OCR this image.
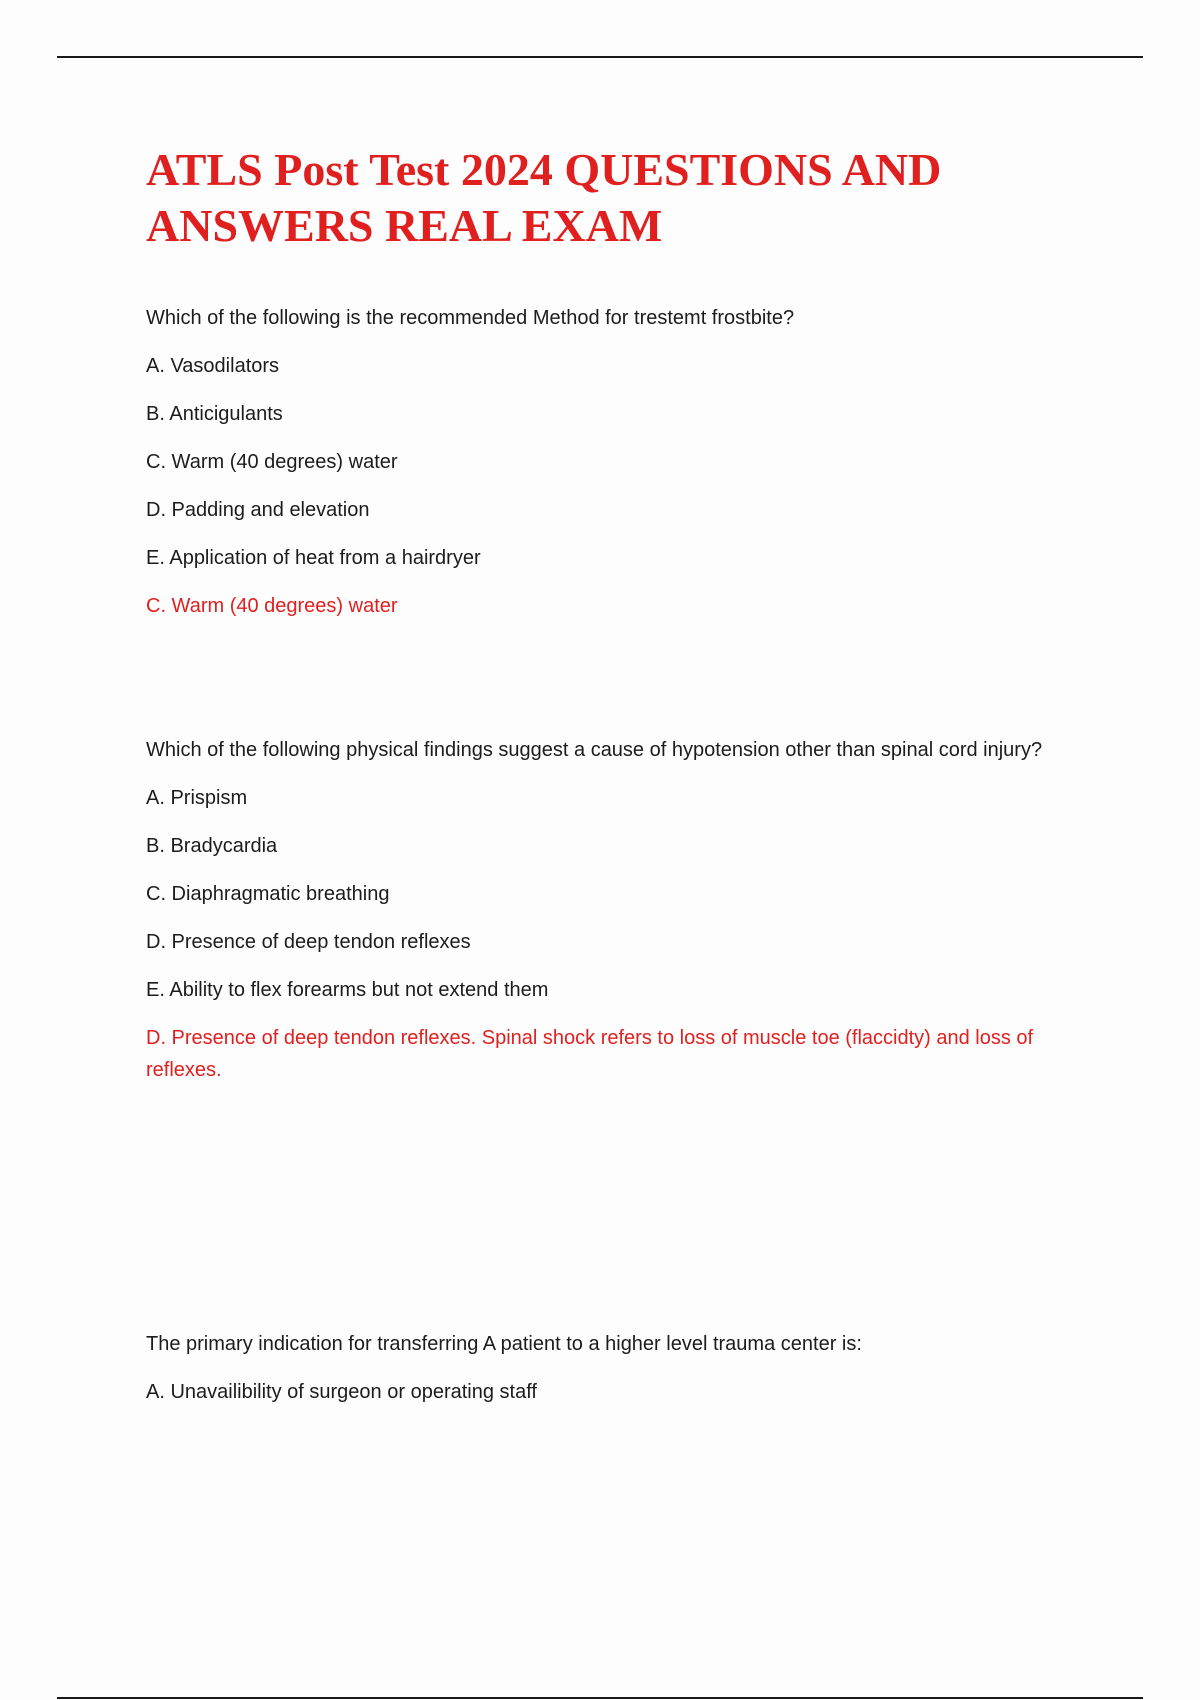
ATLS Post Test 2024 QUESTIONS AND ANSWERS REAL EXAM

Which of the following is the recommended Method for trestemt frostbite?

A. Vasodilators

B. Anticigulants

C. Warm (40 degrees) water

D. Padding and elevation

E. Application of heat from a hairdryer

C. Warm (40 degrees) water

Which of the following physical findings suggest a cause of hypotension other than spinal cord injury?

A. Prispism

B. Bradycardia

C. Diaphragmatic breathing

D. Presence of deep tendon reflexes

E. Ability to flex forearms but not extend them

D. Presence of deep tendon reflexes. Spinal shock refers to loss of muscle toe (flaccidty) and loss of reflexes.

The primary indication for transferring A patient to a higher level trauma center is:

A. Unavailibility of surgeon or operating staff
